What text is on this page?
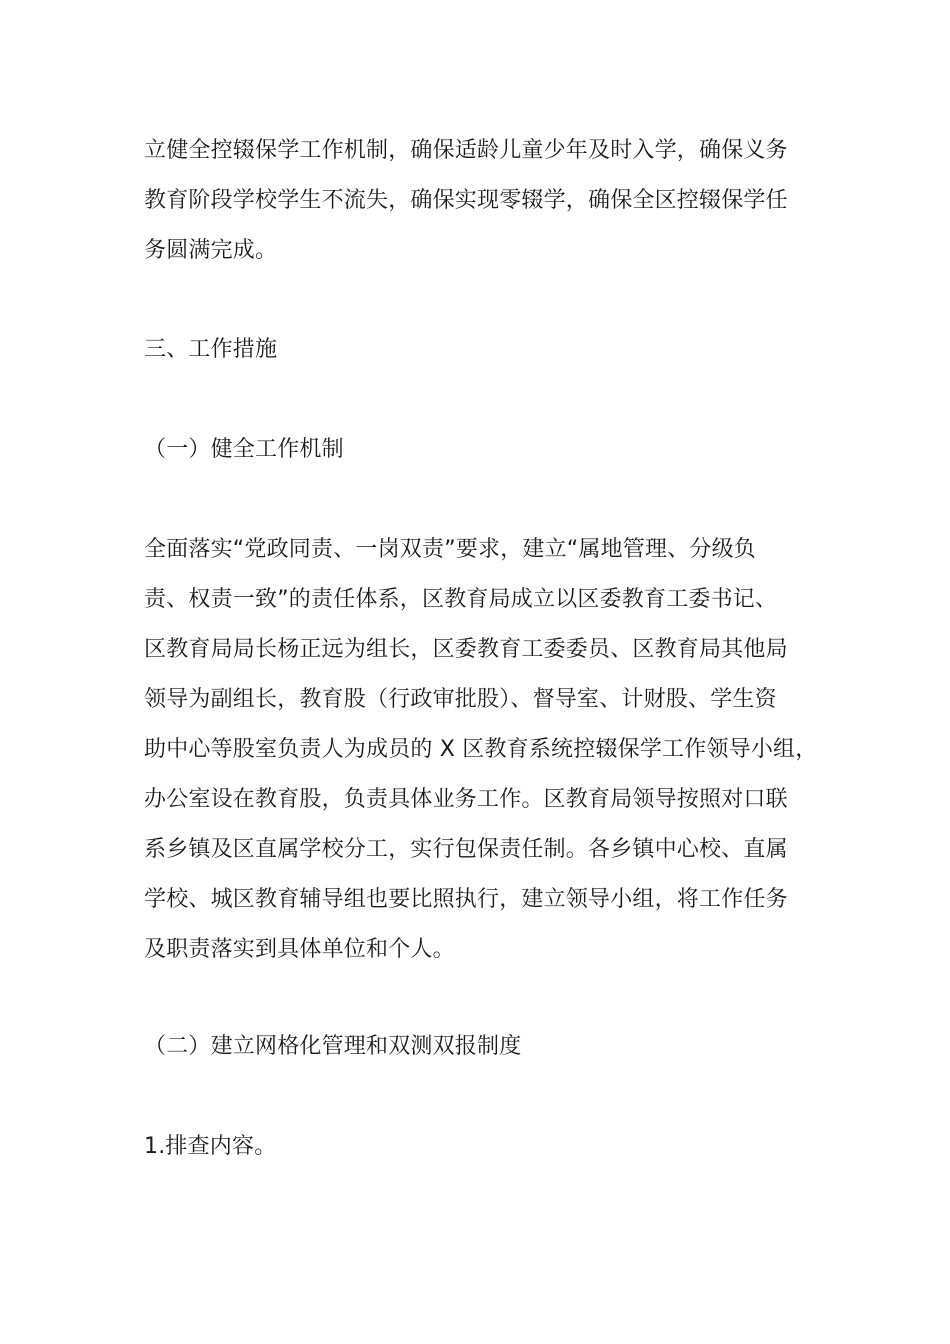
立健全控辍保学工作机制，确保适龄儿童少年及时入学，确保义务
教育阶段学校学生不流失，确保实现零辍学，确保全区控辍保学任
务圆满完成。
三、工作措施
（一）健全工作机制
全面落实“党政同责、一岗双责”要求，建立“属地管理、分级负
责、权责一致”的责任体系，区教育局成立以区委教育工委书记、
区教育局局长杨正远为组长，区委教育工委委员、区教育局其他局
领导为副组长，教育股（行政审批股）、督导室、计财股、学生资
助中心等股室负责人为成员的 X 区教育系统控辍保学工作领导小组，
办公室设在教育股，负责具体业务工作。区教育局领导按照对口联
系乡镇及区直属学校分工，实行包保责任制。各乡镇中心校、直属
学校、城区教育辅导组也要比照执行，建立领导小组，将工作任务
及职责落实到具体单位和个人。
（二）建立网格化管理和双测双报制度
1.排查内容。
